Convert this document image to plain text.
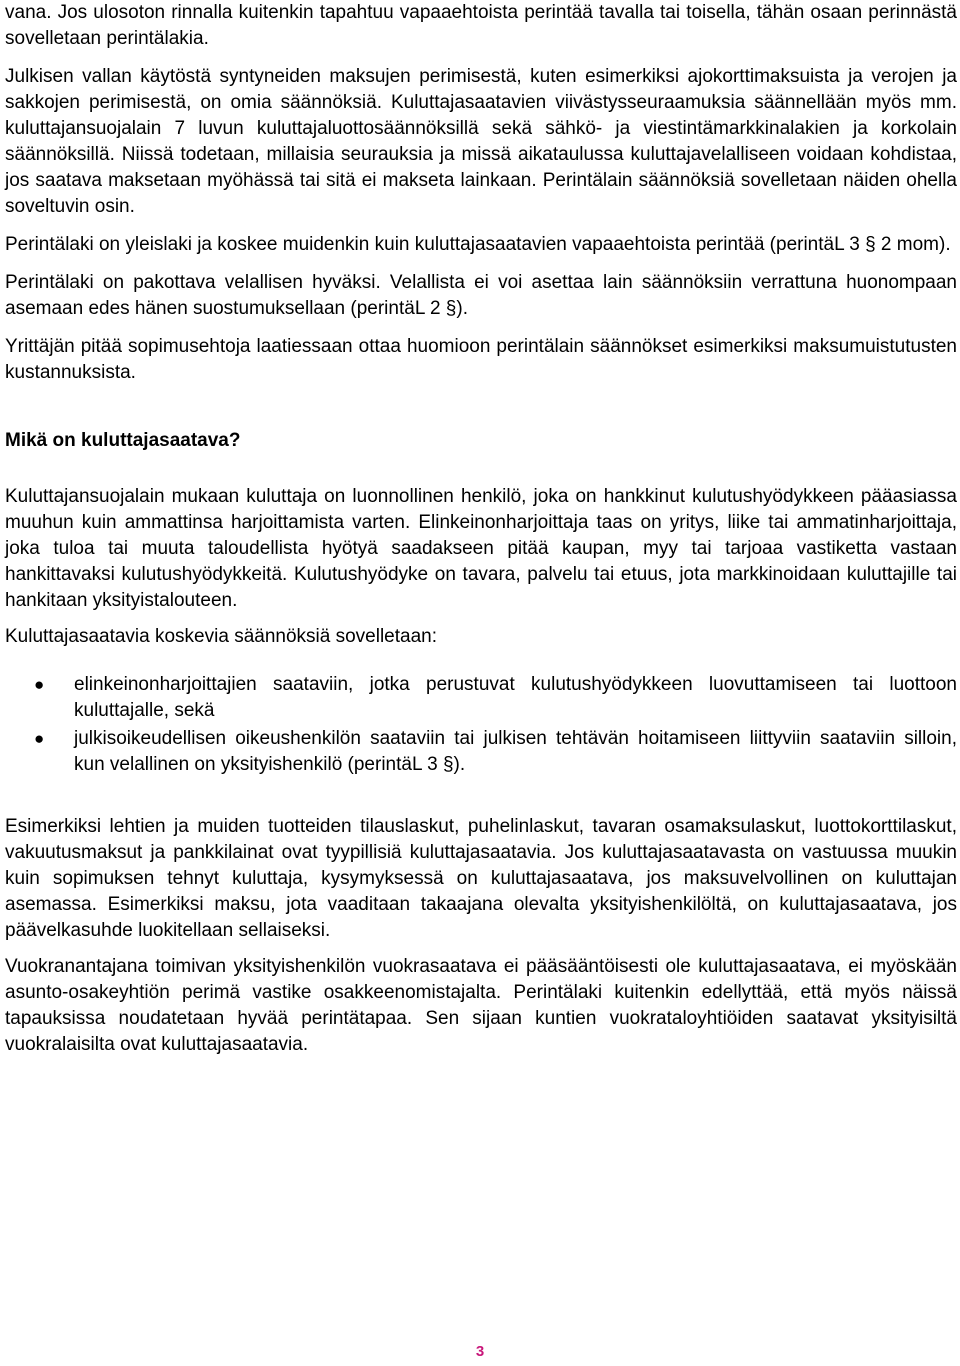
vana. Jos ulosoton rinnalla kuitenkin tapahtuu vapaaehtoista perintää tavalla tai toisella, tähän osaan perinnästä sovelletaan perintälakia.

Julkisen vallan käytöstä syntyneiden maksujen perimisestä, kuten esimerkiksi ajokorttimaksuista ja verojen ja sakkojen perimisestä, on omia säännöksiä. Kuluttajasaatavien viivästysseuraamuksia säännellään myös mm. kuluttajansuojalain 7 luvun kuluttajaluottosäännöksillä sekä sähkö- ja viestintämarkkinalakien ja korkolain säännöksillä. Niissä todetaan, millaisia seurauksia ja missä aikataulussa kuluttajavelalliseen voidaan kohdistaa, jos saatava maksetaan myöhässä tai sitä ei makseta lainkaan. Perintälain säännöksiä sovelletaan näiden ohella soveltuvin osin.

Perintälaki on yleislaki ja koskee muidenkin kuin kuluttajasaatavien vapaaehtoista perintää (perintäL 3 § 2 mom).

Perintälaki on pakottava velallisen hyväksi. Velallista ei voi asettaa lain säännöksiin verrattuna huonompaan asemaan edes hänen suostumuksellaan (perintäL 2 §).

Yrittäjän pitää sopimusehtoja laatiessaan ottaa huomioon perintälain säännökset esimerkiksi maksumuistutusten kustannuksista.

Mikä on kuluttajasaatava?

Kuluttajansuojalain mukaan kuluttaja on luonnollinen henkilö, joka on hankkinut kulutushyödykkeen pääasiassa muuhun kuin ammattinsa harjoittamista varten. Elinkeinonharjoittaja taas on yritys, liike tai ammatinharjoittaja, joka tuloa tai muuta taloudellista hyötyä saadakseen pitää kaupan, myy tai tarjoaa vastiketta vastaan hankittavaksi kulutushyödykkeitä. Kulutushyödyke on tavara, palvelu tai etuus, jota markkinoidaan kuluttajille tai hankitaan yksityistalouteen.

Kuluttajasaatavia koskevia säännöksiä sovelletaan:

● elinkeinonharjoittajien saataviin, jotka perustuvat kulutushyödykkeen luovuttamiseen tai luottoon kuluttajalle, sekä
● julkisoikeudellisen oikeushenkilön saataviin tai julkisen tehtävän hoitamiseen liittyviin saataviin silloin, kun velallinen on yksityishenkilö (perintäL 3 §).

Esimerkiksi lehtien ja muiden tuotteiden tilauslaskut, puhelinlaskut, tavaran osamaksulaskut, luottokorttilaskut, vakuutusmaksut ja pankkilainat ovat tyypillisiä kuluttajasaatavia. Jos kuluttajasaatavasta on vastuussa muukin kuin sopimuksen tehnyt kuluttaja, kysymyksessä on kuluttajasaatava, jos maksuvelvollinen on kuluttajan asemassa. Esimerkiksi maksu, jota vaaditaan takaajana olevalta yksityishenkilöltä, on kuluttajasaatava, jos päävelkasuhde luokitellaan sellaiseksi.

Vuokranantajana toimivan yksityishenkilön vuokrasaatava ei pääsääntöisesti ole kuluttajasaatava, ei myöskään asunto-osakeyhtiön perimä vastike osakkeenomistajalta. Perintälaki kuitenkin edellyttää, että myös näissä tapauksissa noudatetaan hyvää perintätapaa. Sen sijaan kuntien vuokrataloyhtiöiden saatavat yksityisiltä vuokralaisilta ovat kuluttajasaatavia.

3
